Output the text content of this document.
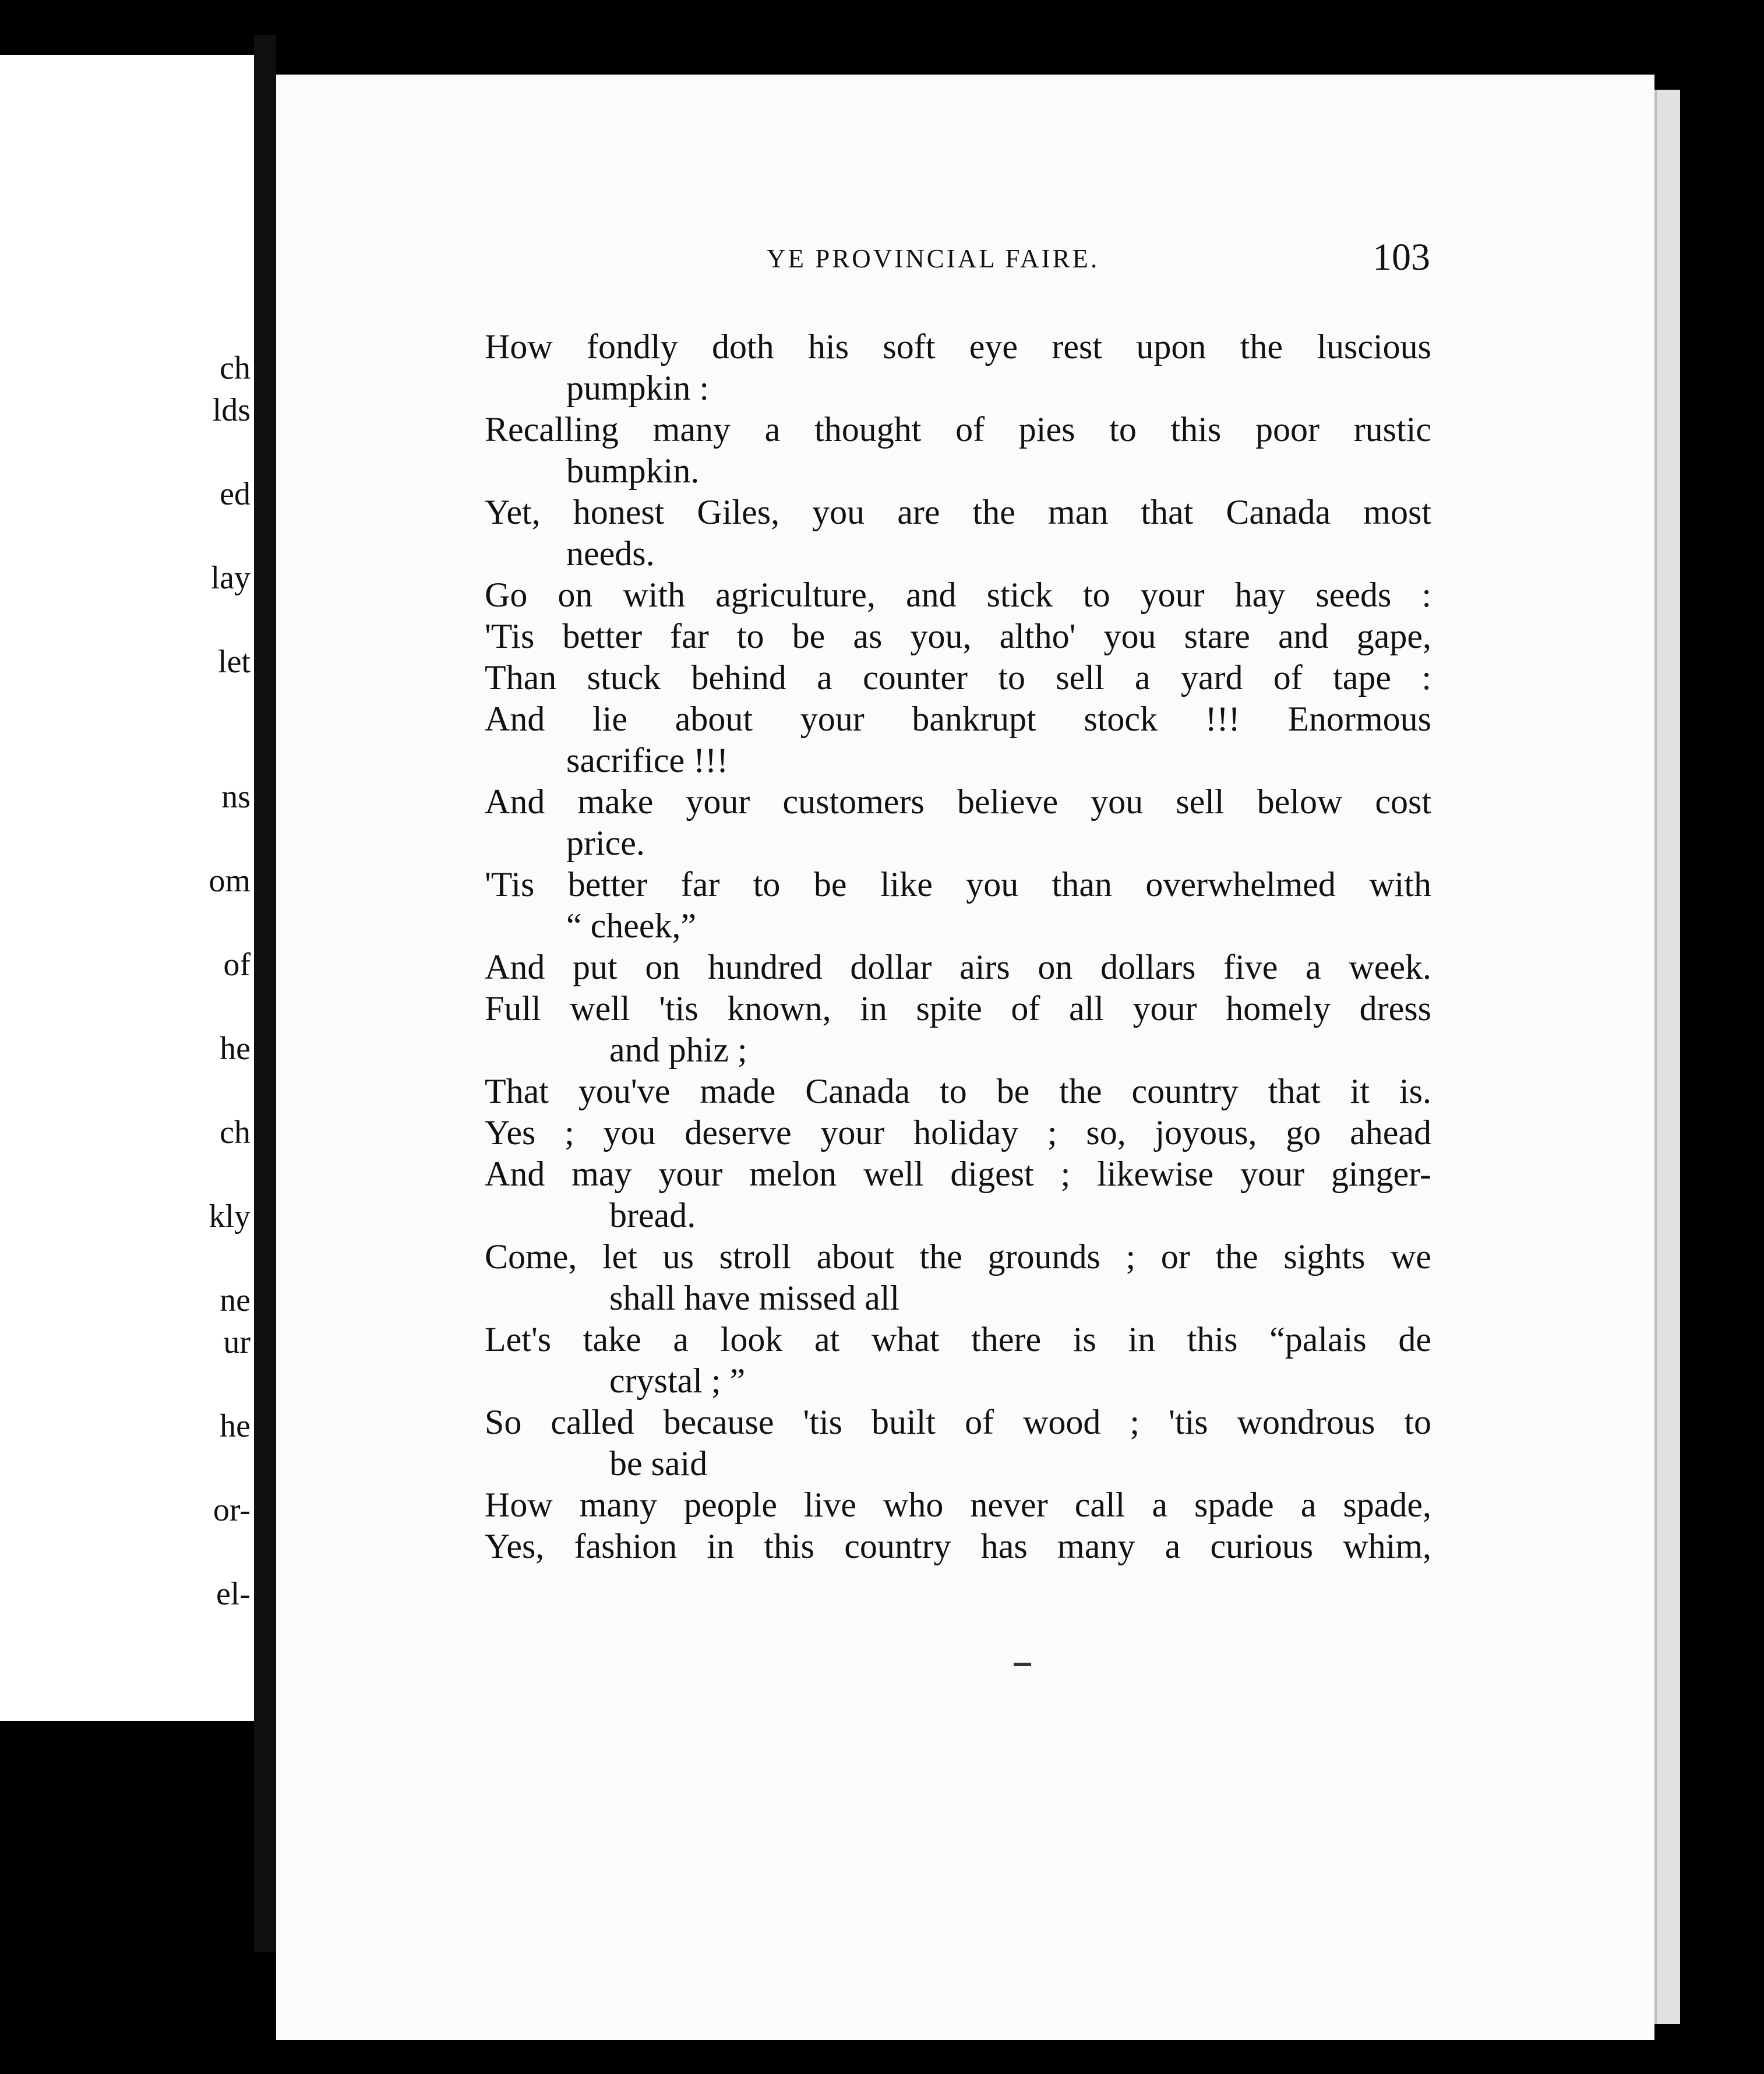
ch
lds
ed
lay
let
ns
om
of
he
ch
kly
ne
ur
he
or-
el-
YE PROVINCIAL FAIRE.	103
How fondly doth his soft eye rest upon the luscious
pumpkin :
Recalling many a thought of pies to this poor rustic
bumpkin.
Yet, honest Giles, you are the man that Canada most
needs.
Go on with agriculture, and stick to your hay seeds :
'Tis better far to be as you, altho' you stare and gape,
Than stuck behind a counter to sell a yard of tape :
And lie about your bankrupt stock !!! Enormous
sacrifice !!!
And make your customers believe you sell below cost
price.
'Tis better far to be like you than overwhelmed with
“ cheek,”
And put on hundred dollar airs on dollars five a week.
Full well 'tis known, in spite of all your homely dress
and phiz ;
That you've made Canada to be the country that it is.
Yes ; you deserve your holiday ; so, joyous, go ahead
And may your melon well digest ; likewise your ginger-
bread.
Come, let us stroll about the grounds ; or the sights we
shall have missed all
Let's take a look at what there is in this “palais de
crystal ; ”
So called because 'tis built of wood ; 'tis wondrous to
be said
How many people live who never call a spade a spade,
Yes, fashion in this country has many a curious whim,
